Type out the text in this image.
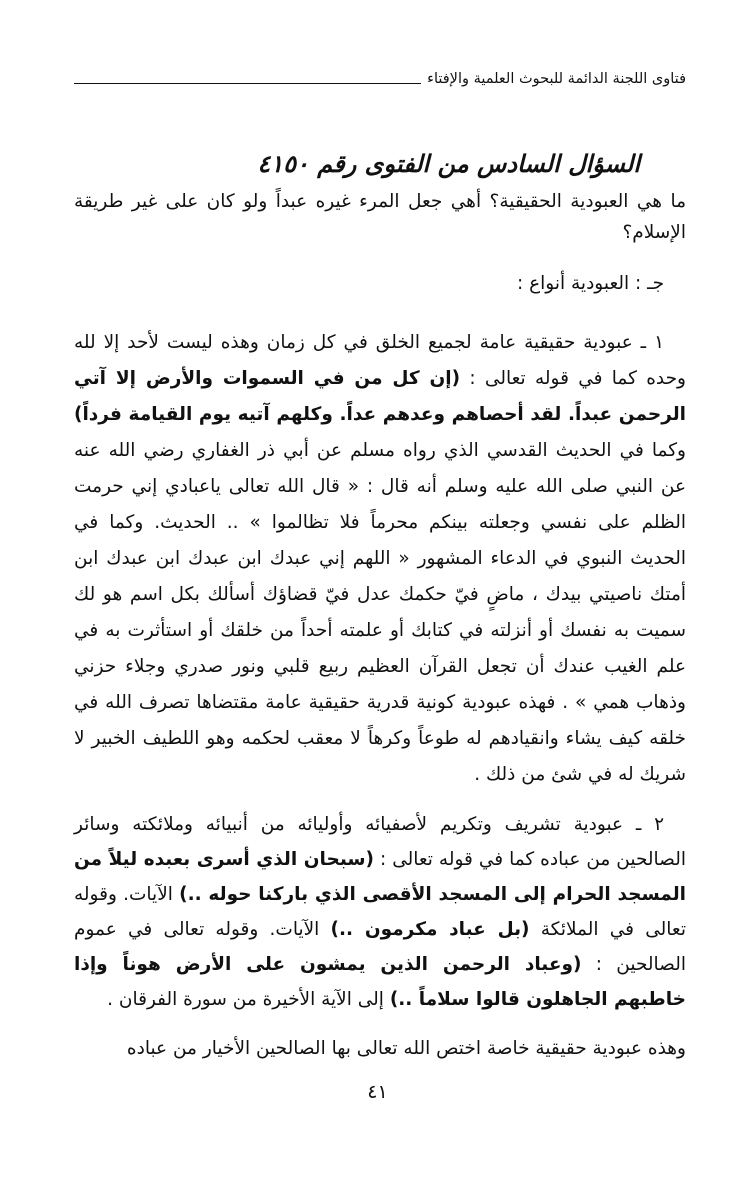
فتاوى اللجنة الدائمة للبحوث العلمية والإفتاء
السؤال السادس من الفتوى رقم ٤١٥٠

ما هي العبودية الحقيقية؟ أهي جعل المرء غيره عبداً ولو كان على غير طريقة الإسلام؟

جـ : العبودية أنواع :

١ ـ عبودية حقيقية عامة لجميع الخلق في كل زمان وهذه ليست لأحد إلا لله وحده كما في قوله تعالى : (إن كل من في السموات والأرض إلا آتي الرحمن عبداً. لقد أحصاهم وعدهم عداً. وكلهم آتيه يوم القيامة فرداً) وكما في الحديث القدسي الذي رواه مسلم عن أبي ذر الغفاري رضي الله عنه عن النبي صلى الله عليه وسلم أنه قال : « قال الله تعالى ياعبادي إني حرمت الظلم على نفسي وجعلته بينكم محرماً فلا تظالموا » .. الحديث. وكما في الحديث النبوي في الدعاء المشهور « اللهم إني عبدك ابن عبدك ابن عبدك ابن أمتك ناصيتي بيدك ، ماضٍ فيّ حكمك عدل فيّ قضاؤك أسألك بكل اسم هو لك سميت به نفسك أو أنزلته في كتابك أو علمته أحداً من خلقك أو استأثرت به في علم الغيب عندك أن تجعل القرآن العظيم ربيع قلبي ونور صدري وجلاء حزني وذهاب همي » . فهذه عبودية كونية قدرية حقيقية عامة مقتضاها تصرف الله في خلقه كيف يشاء وانقيادهم له طوعاً وكرهاً لا معقب لحكمه وهو اللطيف الخبير لا شريك له في شئ من ذلك .

٢ ـ عبودية تشريف وتكريم لأصفيائه وأوليائه من أنبيائه وملائكته وسائر الصالحين من عباده كما في قوله تعالى : (سبحان الذي أسرى بعبده ليلاً من المسجد الحرام إلى المسجد الأقصى الذي باركنا حوله ..) الآيات. وقوله تعالى في الملائكة (بل عباد مكرمون ..) الآيات. وقوله تعالى في عموم الصالحين : (وعباد الرحمن الذين يمشون على الأرض هوناً وإذا خاطبهم الجاهلون قالوا سلاماً ..) إلى الآية الأخيرة من سورة الفرقان .

وهذه عبودية حقيقية خاصة اختص الله تعالى بها الصالحين الأخيار من عباده

٤١
